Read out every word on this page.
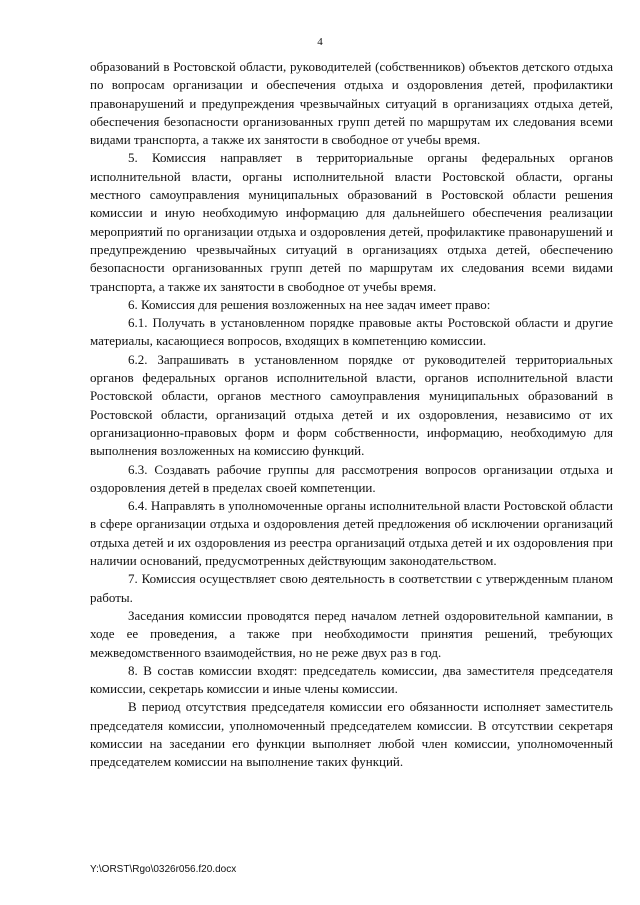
4

образований в Ростовской области, руководителей (собственников) объектов детского отдыха по вопросам организации и обеспечения отдыха и оздоровления детей, профилактики правонарушений и предупреждения чрезвычайных ситуаций в организациях отдыха детей, обеспечения безопасности организованных групп детей по маршрутам их следования всеми видами транспорта, а также их занятости в свободное от учебы время.

5. Комиссия направляет в территориальные органы федеральных органов исполнительной власти, органы исполнительной власти Ростовской области, органы местного самоуправления муниципальных образований в Ростовской области решения комиссии и иную необходимую информацию для дальнейшего обеспечения реализации мероприятий по организации отдыха и оздоровления детей, профилактике правонарушений и предупреждению чрезвычайных ситуаций в организациях отдыха детей, обеспечению безопасности организованных групп детей по маршрутам их следования всеми видами транспорта, а также их занятости в свободное от учебы время.

6. Комиссия для решения возложенных на нее задач имеет право:

6.1. Получать в установленном порядке правовые акты Ростовской области и другие материалы, касающиеся вопросов, входящих в компетенцию комиссии.

6.2. Запрашивать в установленном порядке от руководителей территориальных органов федеральных органов исполнительной власти, органов исполнительной власти Ростовской области, органов местного самоуправления муниципальных образований в Ростовской области, организаций отдыха детей и их оздоровления, независимо от их организационно-правовых форм и форм собственности, информацию, необходимую для выполнения возложенных на комиссию функций.

6.3. Создавать рабочие группы для рассмотрения вопросов организации отдыха и оздоровления детей в пределах своей компетенции.

6.4. Направлять в уполномоченные органы исполнительной власти Ростовской области в сфере организации отдыха и оздоровления детей предложения об исключении организаций отдыха детей и их оздоровления из реестра организаций отдыха детей и их оздоровления при наличии оснований, предусмотренных действующим законодательством.

7. Комиссия осуществляет свою деятельность в соответствии с утвержденным планом работы.

Заседания комиссии проводятся перед началом летней оздоровительной кампании, в ходе ее проведения, а также при необходимости принятия решений, требующих межведомственного взаимодействия, но не реже двух раз в год.

8. В состав комиссии входят: председатель комиссии, два заместителя председателя комиссии, секретарь комиссии и иные члены комиссии.

В период отсутствия председателя комиссии его обязанности исполняет заместитель председателя комиссии, уполномоченный председателем комиссии. В отсутствии секретаря комиссии на заседании его функции выполняет любой член комиссии, уполномоченный председателем комиссии на выполнение таких функций.

Y:\ORST\Rgo\0326r056.f20.docx
